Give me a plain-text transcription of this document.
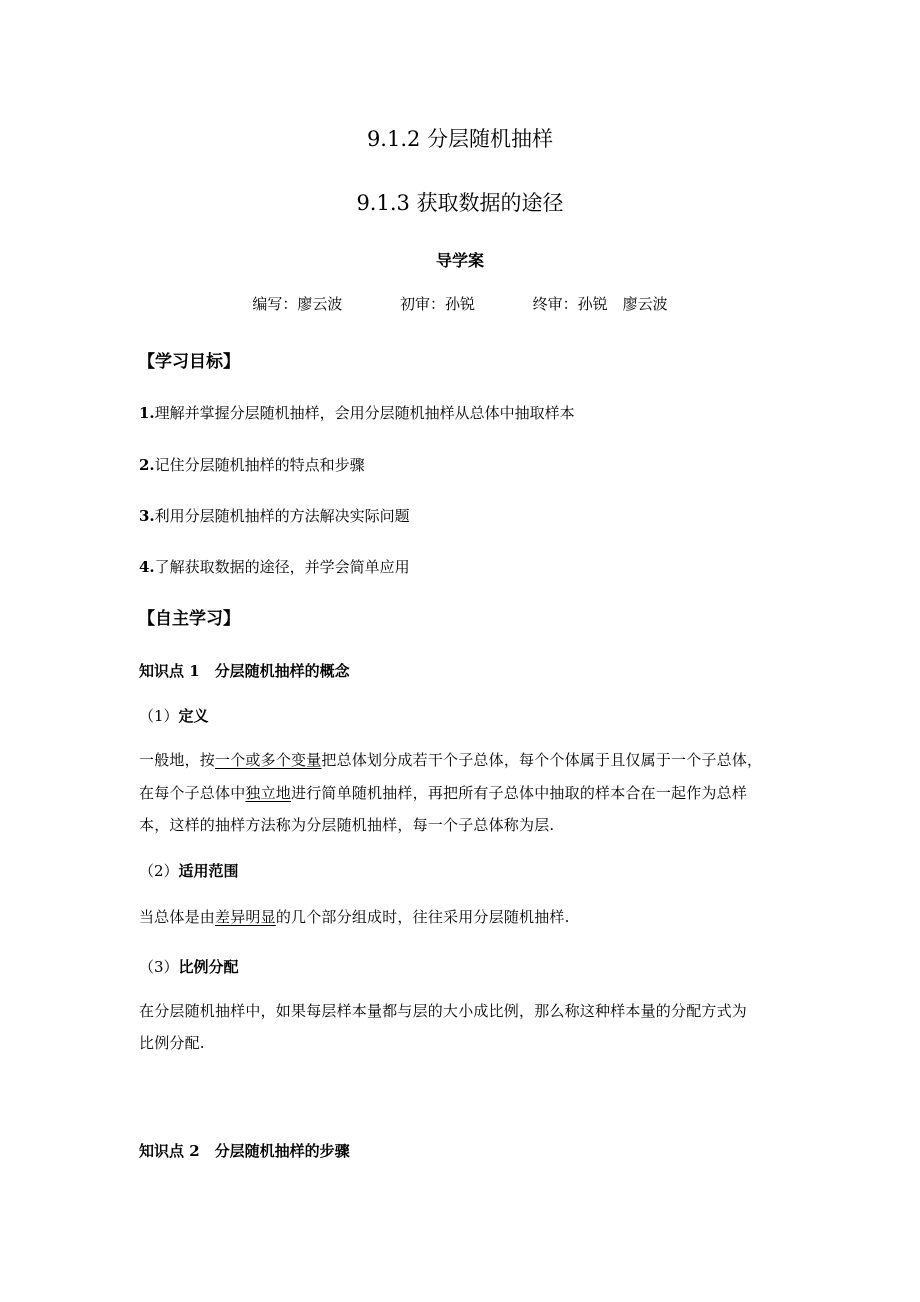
9.1.2 分层随机抽样
9.1.3 获取数据的途径
导学案
编写：廖云波	初审：孙锐	终审：孙锐　廖云波
【学习目标】
1.理解并掌握分层随机抽样，会用分层随机抽样从总体中抽取样本
2.记住分层随机抽样的特点和步骤
3.利用分层随机抽样的方法解决实际问题
4.了解获取数据的途径，并学会简单应用
【自主学习】
知识点 1　分层随机抽样的概念
（1）定义
一般地，按一个或多个变量把总体划分成若干个子总体，每个个体属于且仅属于一个子总体，
在每个子总体中独立地进行简单随机抽样，再把所有子总体中抽取的样本合在一起作为总样
本，这样的抽样方法称为分层随机抽样，每一个子总体称为层.
（2）适用范围
当总体是由差异明显的几个部分组成时，往往采用分层随机抽样.
（3）比例分配
在分层随机抽样中，如果每层样本量都与层的大小成比例，那么称这种样本量的分配方式为
比例分配.
知识点 2　分层随机抽样的步骤
